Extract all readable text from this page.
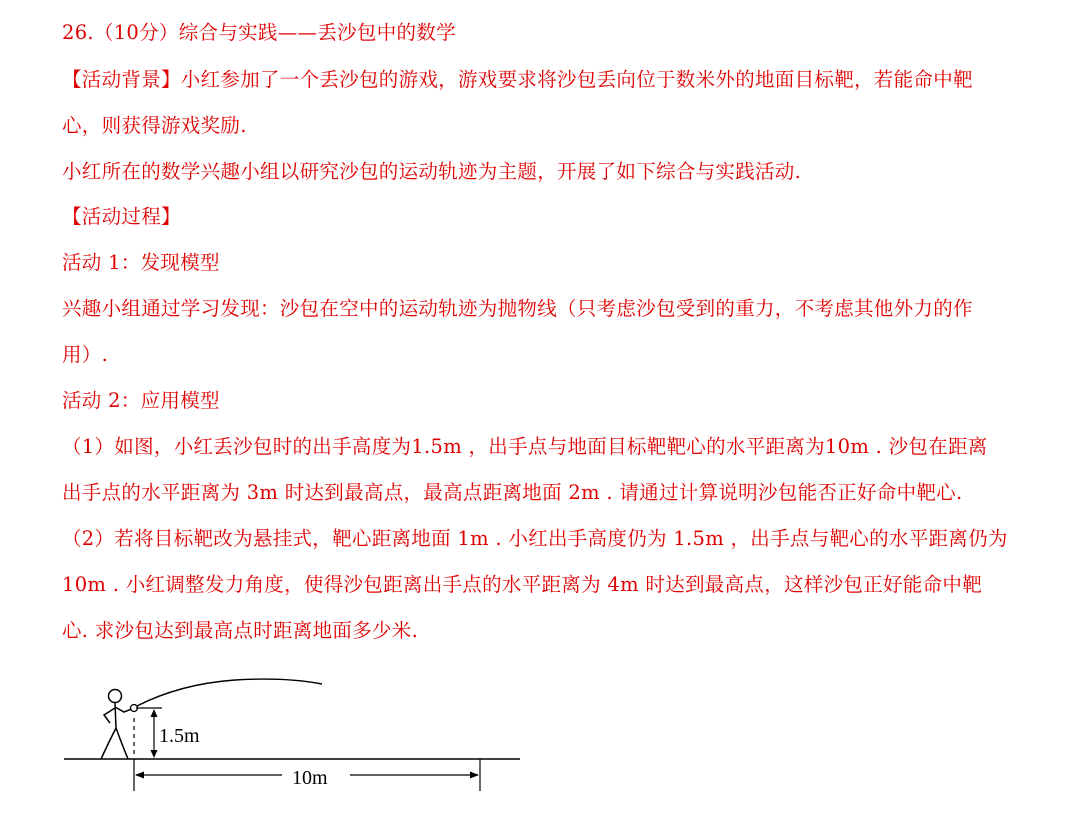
26.（10分）综合与实践——丢沙包中的数学
【活动背景】小红参加了一个丢沙包的游戏，游戏要求将沙包丢向位于数米外的地面目标靶，若能命中靶
心，则获得游戏奖励.
小红所在的数学兴趣小组以研究沙包的运动轨迹为主题，开展了如下综合与实践活动.
【活动过程】
活动 1：发现模型
兴趣小组通过学习发现：沙包在空中的运动轨迹为抛物线（只考虑沙包受到的重力，不考虑其他外力的作
用）.
活动 2：应用模型
（1）如图，小红丢沙包时的出手高度为1.5m ，出手点与地面目标靶靶心的水平距离为10m . 沙包在距离
出手点的水平距离为 3m 时达到最高点，最高点距离地面 2m . 请通过计算说明沙包能否正好命中靶心.
（2）若将目标靶改为悬挂式，靶心距离地面 1m . 小红出手高度仍为 1.5m ，出手点与靶心的水平距离仍为
10m . 小红调整发力角度，使得沙包距离出手点的水平距离为 4m 时达到最高点，这样沙包正好能命中靶
心. 求沙包达到最高点时距离地面多少米.
1.5m
10m
